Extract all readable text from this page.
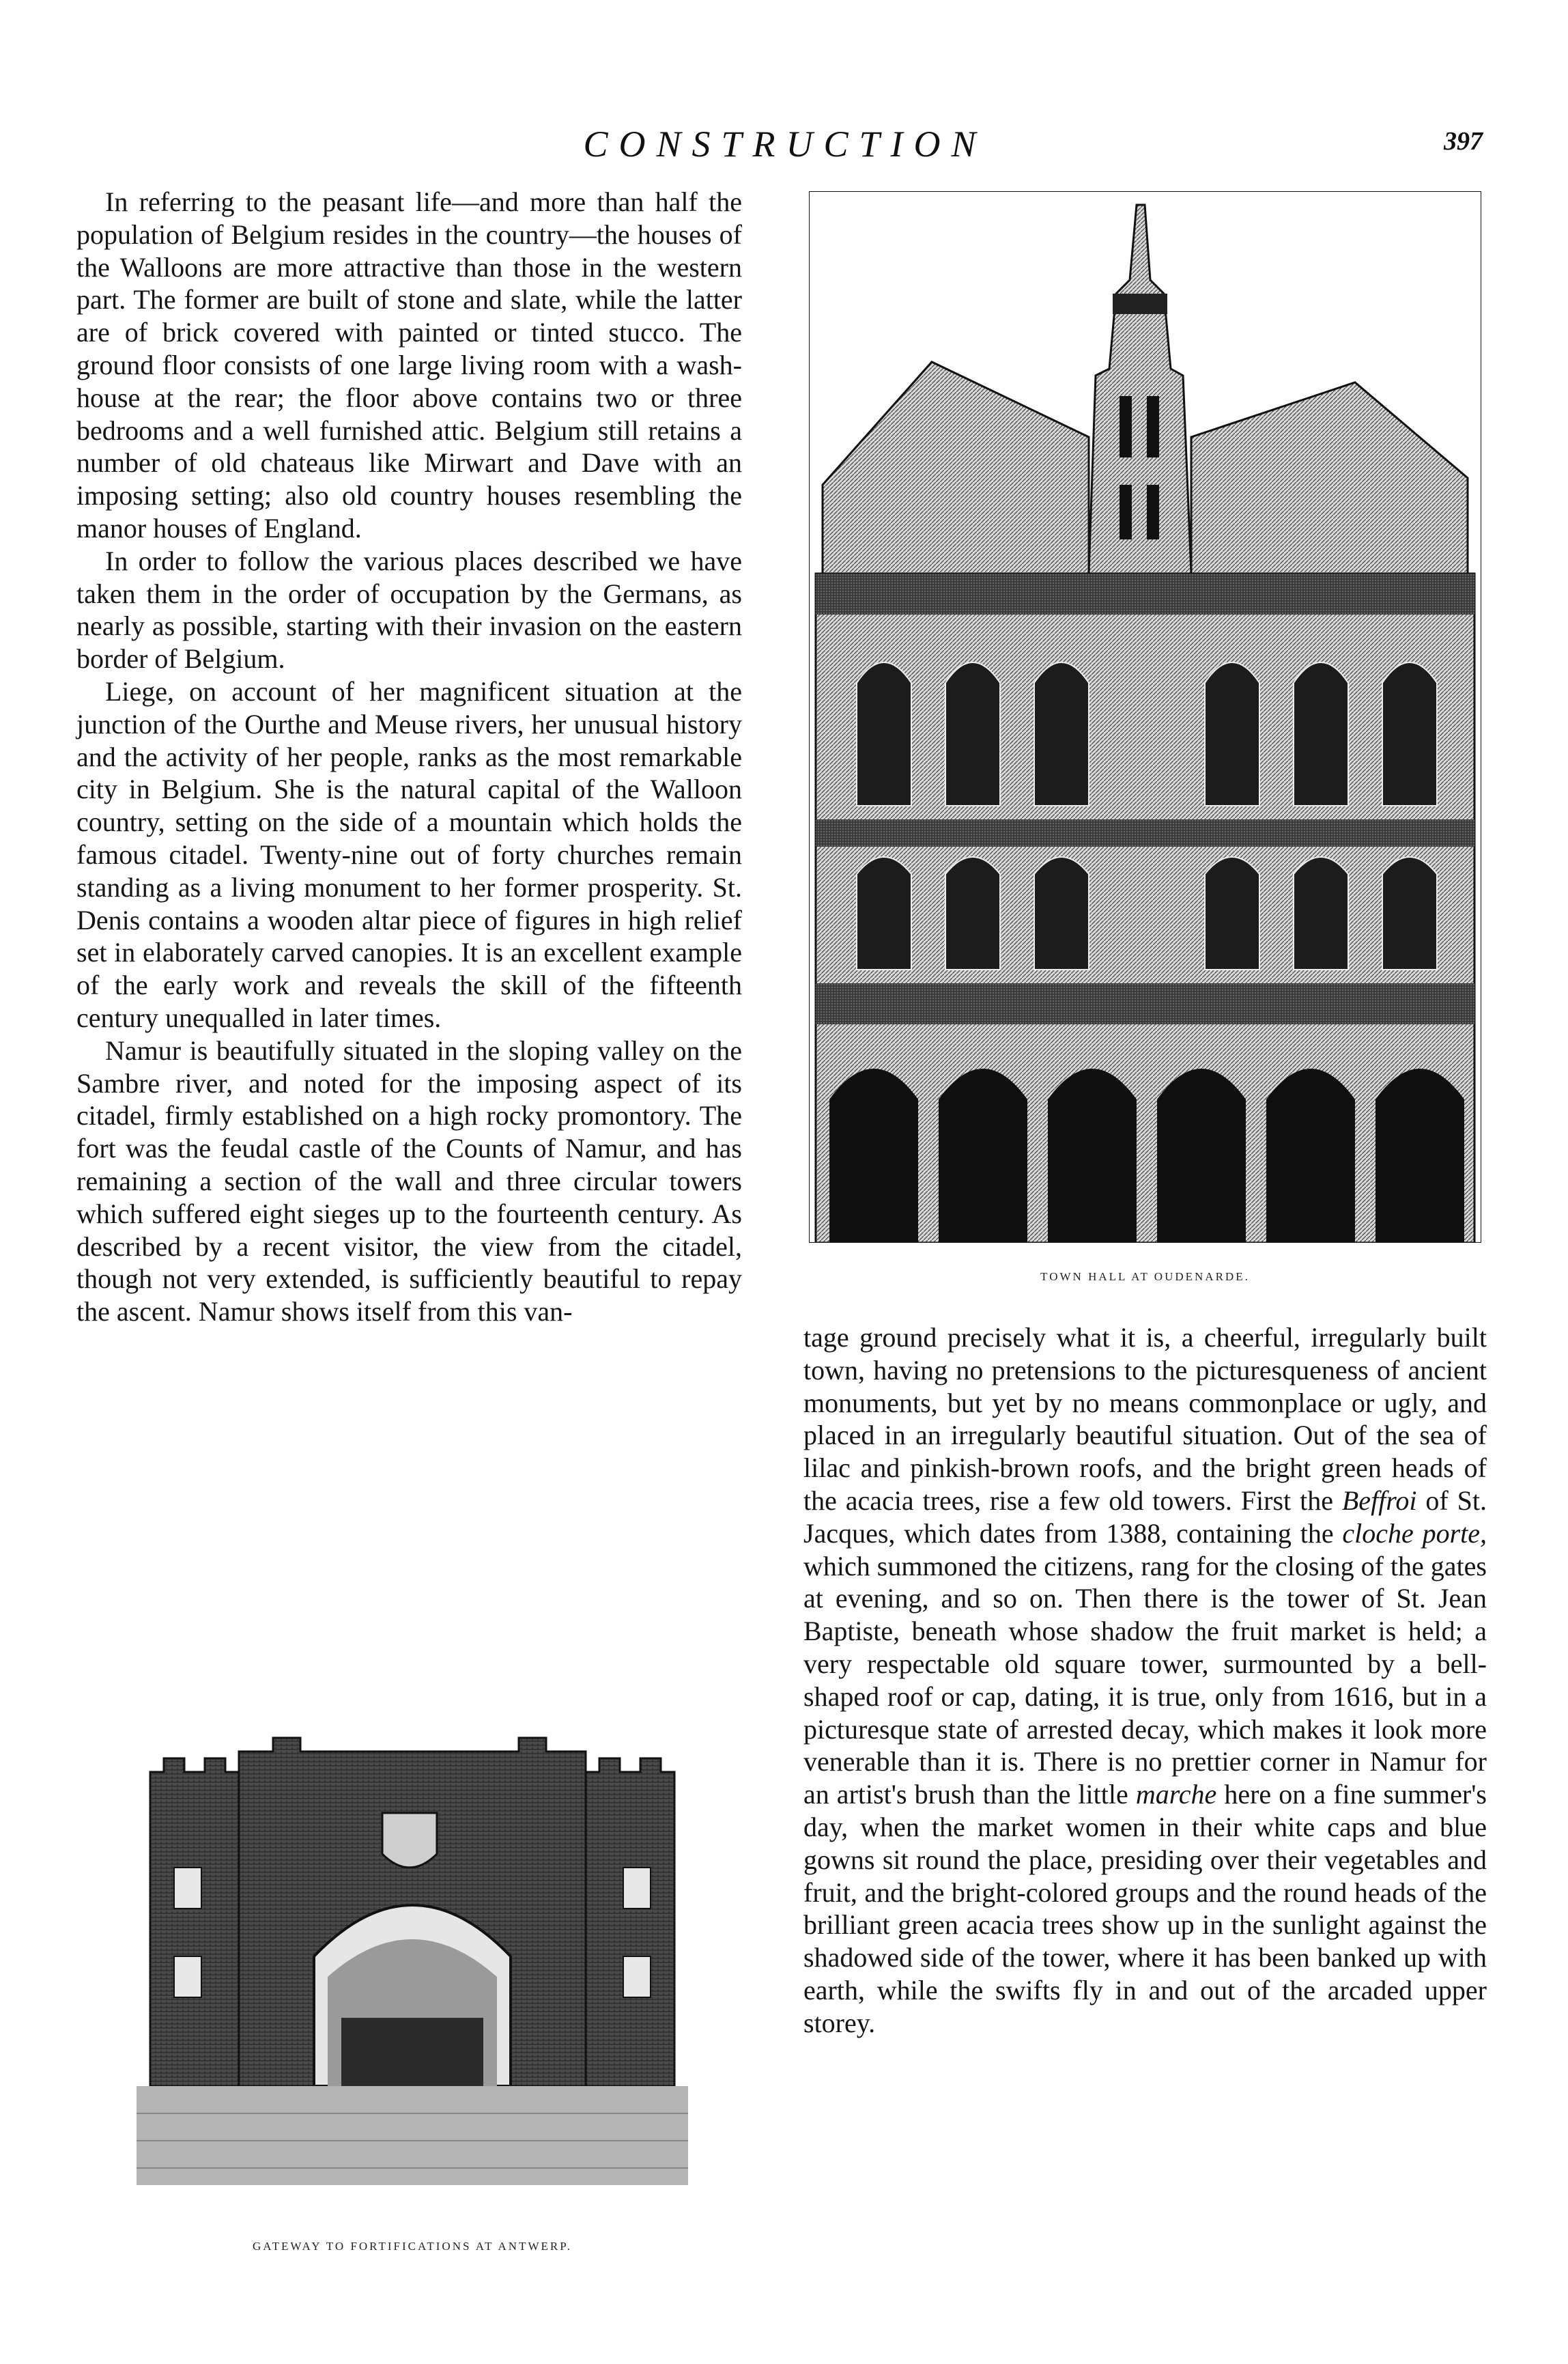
CONSTRUCTION	397

In referring to the peasant life—and more than half the population of Belgium resides in the country—the houses of the Walloons are more attractive than those in the western part. The former are built of stone and slate, while the latter are of brick covered with painted or tinted stucco. The ground floor consists of one large living room with a wash-house at the rear; the floor above contains two or three bedrooms and a well furnished attic. Belgium still retains a number of old chateaus like Mirwart and Dave with an imposing setting; also old country houses resembling the manor houses of England.

In order to follow the various places described we have taken them in the order of occupation by the Germans, as nearly as possible, starting with their invasion on the eastern border of Belgium.

Liege, on account of her magnificent situation at the junction of the Ourthe and Meuse rivers, her unusual history and the activity of her people, ranks as the most remarkable city in Belgium. She is the natural capital of the Walloon country, setting on the side of a mountain which holds the famous citadel. Twenty-nine out of forty churches remain standing as a living monument to her former prosperity. St. Denis contains a wooden altar piece of figures in high relief set in elaborately carved canopies. It is an excellent example of the early work and reveals the skill of the fifteenth century unequalled in later times.

Namur is beautifully situated in the sloping valley on the Sambre river, and noted for the imposing aspect of its citadel, firmly established on a high rocky promontory. The fort was the feudal castle of the Counts of Namur, and has remaining a section of the wall and three circular towers which suffered eight sieges up to the fourteenth century. As described by a recent visitor, the view from the citadel, though not very extended, is sufficiently beautiful to repay the ascent. Namur shows itself from this van-

TOWN HALL AT OUDENARDE.

tage ground precisely what it is, a cheerful, irregularly built town, having no pretensions to the picturesqueness of ancient monuments, but yet by no means commonplace or ugly, and placed in an irregularly beautiful situation. Out of the sea of lilac and pinkish-brown roofs, and the bright green heads of the acacia trees, rise a few old towers. First the Beffroi of St. Jacques, which dates from 1388, containing the cloche porte, which summoned the citizens, rang for the closing of the gates at evening, and so on. Then there is the tower of St. Jean Baptiste, beneath whose shadow the fruit market is held; a very respectable old square tower, surmounted by a bell-shaped roof or cap, dating, it is true, only from 1616, but in a picturesque state of arrested decay, which makes it look more venerable than it is. There is no prettier corner in Namur for an artist's brush than the little marche here on a fine summer's day, when the market women in their white caps and blue gowns sit round the place, presiding over their vegetables and fruit, and the bright-colored groups and the round heads of the brilliant green acacia trees show up in the sunlight against the shadowed side of the tower, where it has been banked up with earth, while the swifts fly in and out of the arcaded upper storey.

GATEWAY TO FORTIFICATIONS AT ANTWERP.
